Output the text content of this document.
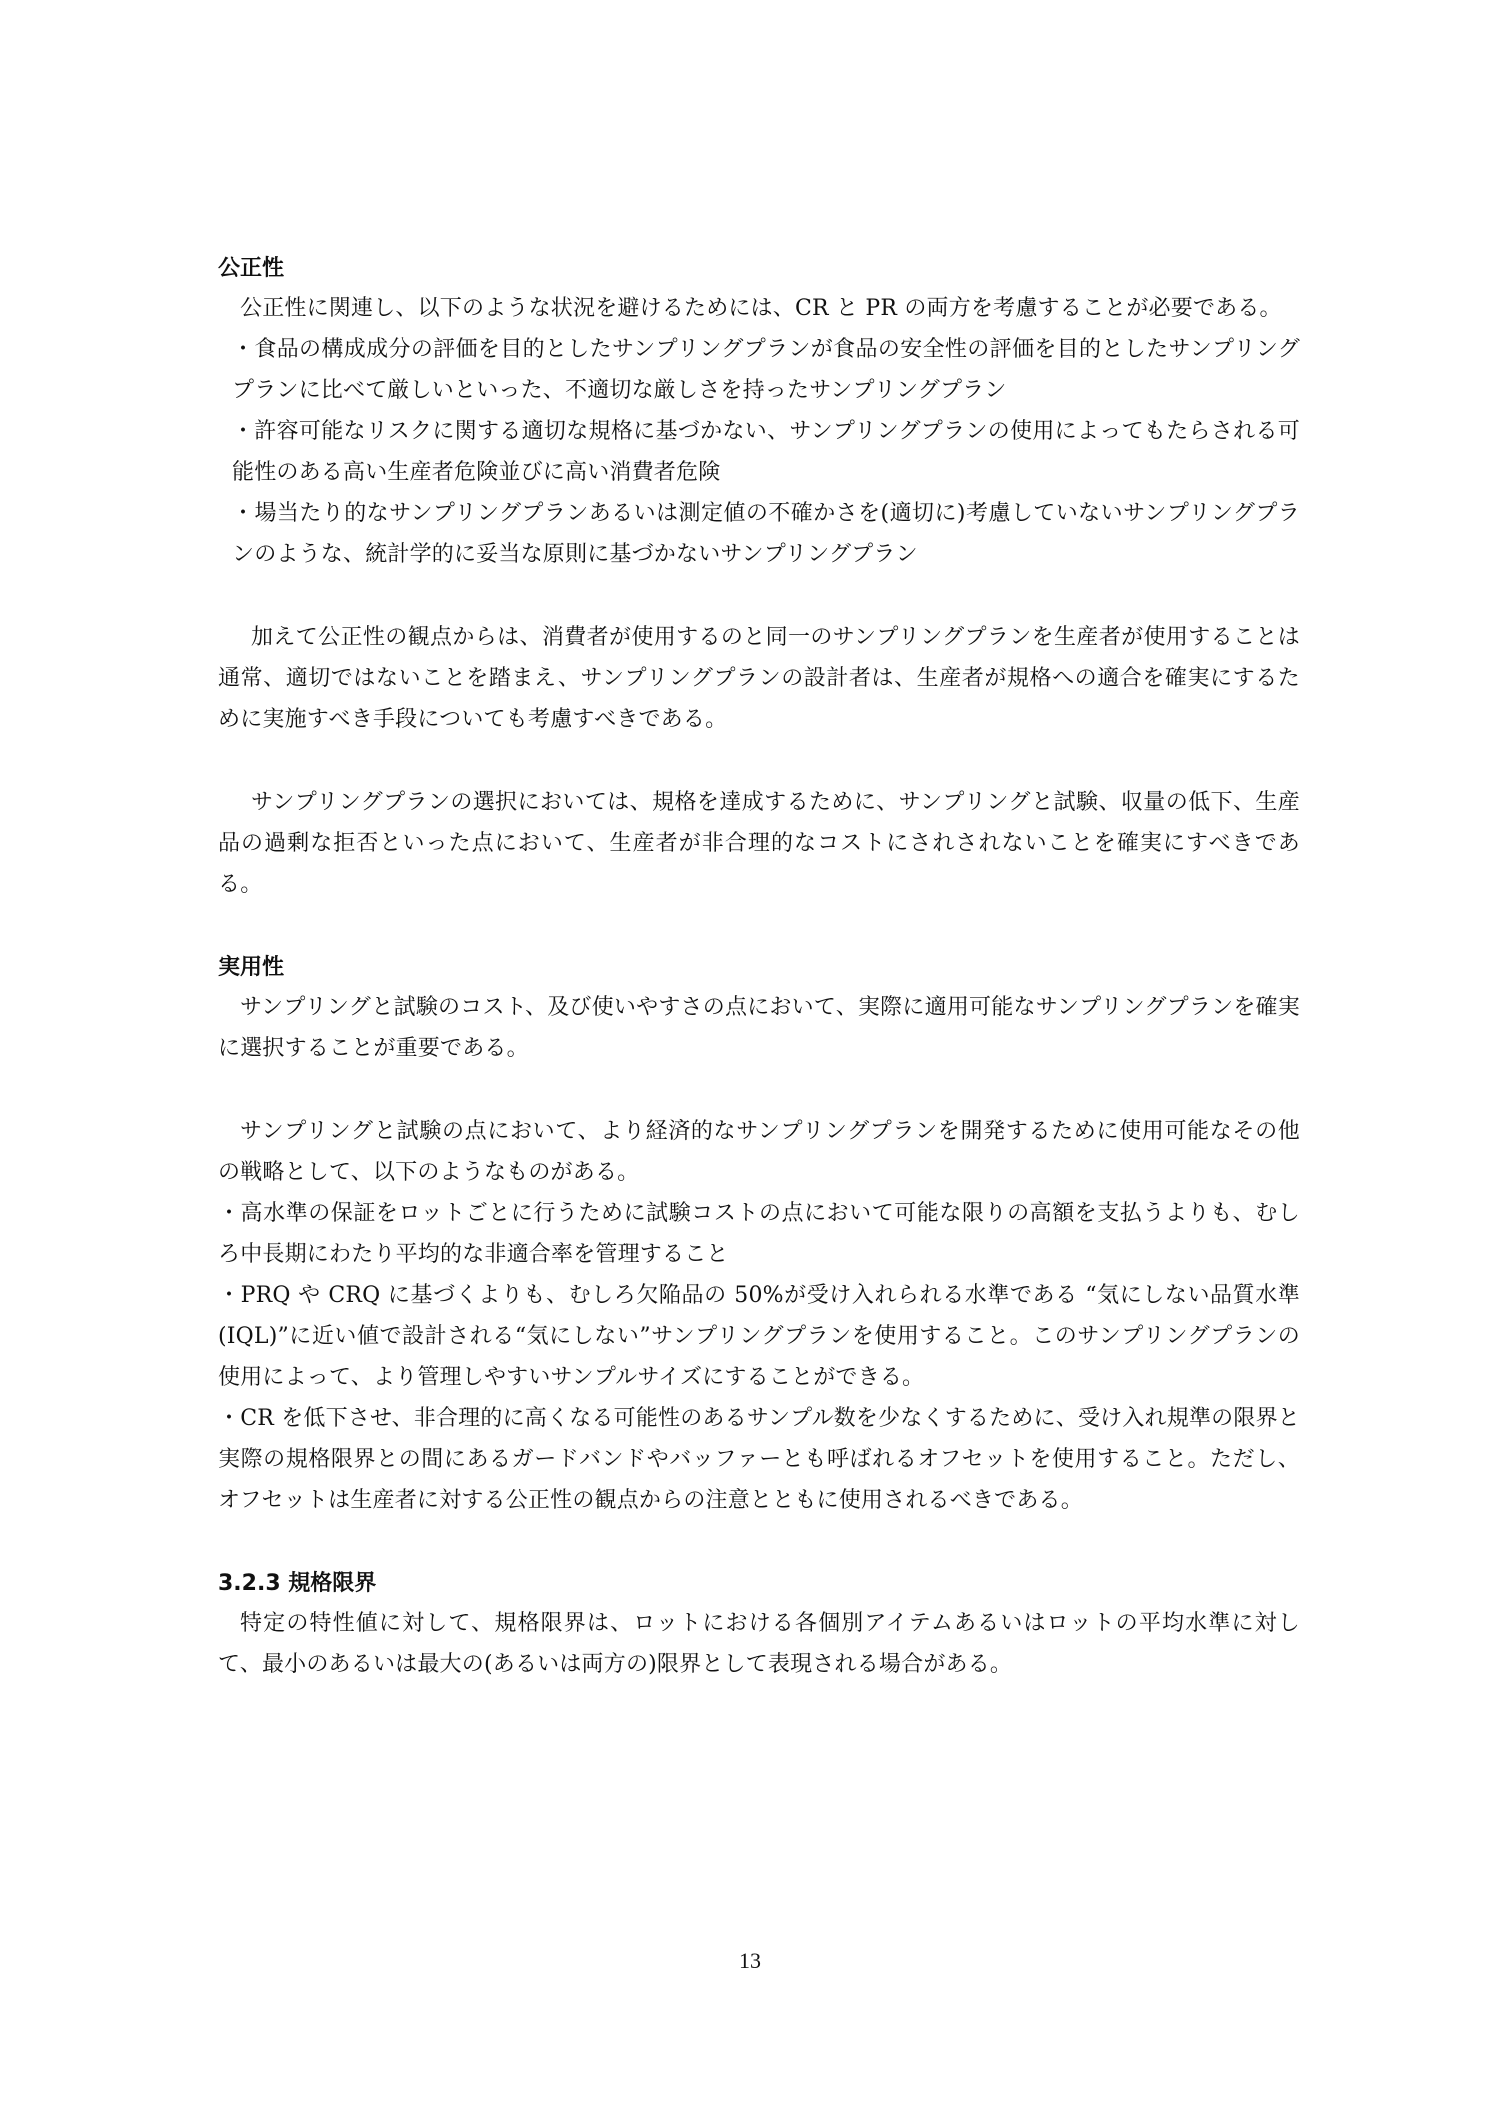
公正性

公正性に関連し、以下のような状況を避けるためには、CR と PR の両方を考慮することが必要である。

・食品の構成成分の評価を目的としたサンプリングプランが食品の安全性の評価を目的としたサンプリングプランに比べて厳しいといった、不適切な厳しさを持ったサンプリングプラン

・許容可能なリスクに関する適切な規格に基づかない、サンプリングプランの使用によってもたらされる可能性のある高い生産者危険並びに高い消費者危険

・場当たり的なサンプリングプランあるいは測定値の不確かさを(適切に)考慮していないサンプリングプランのような、統計学的に妥当な原則に基づかないサンプリングプラン

加えて公正性の観点からは、消費者が使用するのと同一のサンプリングプランを生産者が使用することは通常、適切ではないことを踏まえ、サンプリングプランの設計者は、生産者が規格への適合を確実にするために実施すべき手段についても考慮すべきである。

サンプリングプランの選択においては、規格を達成するために、サンプリングと試験、収量の低下、生産品の過剰な拒否といった点において、生産者が非合理的なコストにされされないことを確実にすべきである。

実用性

サンプリングと試験のコスト、及び使いやすさの点において、実際に適用可能なサンプリングプランを確実に選択することが重要である。

サンプリングと試験の点において、より経済的なサンプリングプランを開発するために使用可能なその他の戦略として、以下のようなものがある。

・高水準の保証をロットごとに行うために試験コストの点において可能な限りの高額を支払うよりも、むしろ中長期にわたり平均的な非適合率を管理すること

・PRQ や CRQ に基づくよりも、むしろ欠陥品の 50%が受け入れられる水準である “気にしない品質水準(IQL)”に近い値で設計される“気にしない”サンプリングプランを使用すること。このサンプリングプランの使用によって、より管理しやすいサンプルサイズにすることができる。

・CR を低下させ、非合理的に高くなる可能性のあるサンプル数を少なくするために、受け入れ規準の限界と実際の規格限界との間にあるガードバンドやバッファーとも呼ばれるオフセットを使用すること。ただし、オフセットは生産者に対する公正性の観点からの注意とともに使用されるべきである。

3.2.3 規格限界

特定の特性値に対して、規格限界は、ロットにおける各個別アイテムあるいはロットの平均水準に対して、最小のあるいは最大の(あるいは両方の)限界として表現される場合がある。

13
